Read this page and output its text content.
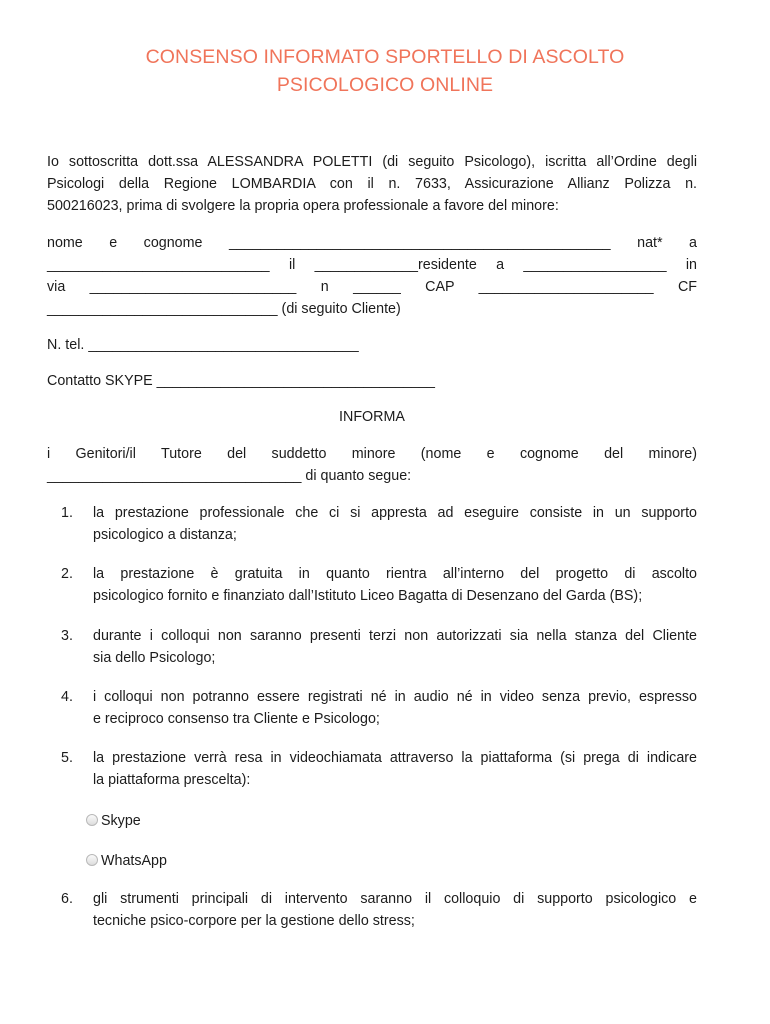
CONSENSO INFORMATO SPORTELLO DI ASCOLTO
PSICOLOGICO ONLINE
Io sottoscritta dott.ssa ALESSANDRA POLETTI (di seguito Psicologo), iscritta all’Ordine degli
Psicologi della Regione LOMBARDIA con il n. 7633, Assicurazione Allianz Polizza n.
500216023, prima di svolgere la propria opera professionale a favore del minore:
nome e cognome ________________________________________________ nat* a
____________________________ il _____________residente a __________________ in
via __________________________ n ______ CAP ______________________ CF
_____________________________ (di seguito Cliente)
N. tel. __________________________________
Contatto SKYPE ___________________________________
INFORMA
i Genitori/il Tutore del suddetto minore (nome e cognome del minore)
________________________________ di quanto segue:
1.	la prestazione professionale che ci si appresta ad eseguire consiste in un supporto
psicologico a distanza;
2.	la prestazione è gratuita in quanto rientra all’interno del progetto di ascolto
psicologico fornito e finanziato dall’Istituto Liceo Bagatta di Desenzano del Garda (BS);
3.	durante i colloqui non saranno presenti terzi non autorizzati sia nella stanza del Cliente
sia dello Psicologo;
4.	i colloqui non potranno essere registrati né in audio né in video senza previo, espresso
e reciproco consenso tra Cliente e Psicologo;
5.	la prestazione verrà resa in videochiamata attraverso la piattaforma (si prega di indicare
la piattaforma prescelta):
Skype
WhatsApp
6.	gli strumenti principali di intervento saranno il colloquio di supporto psicologico e
tecniche psico-corpore per la gestione dello stress;
